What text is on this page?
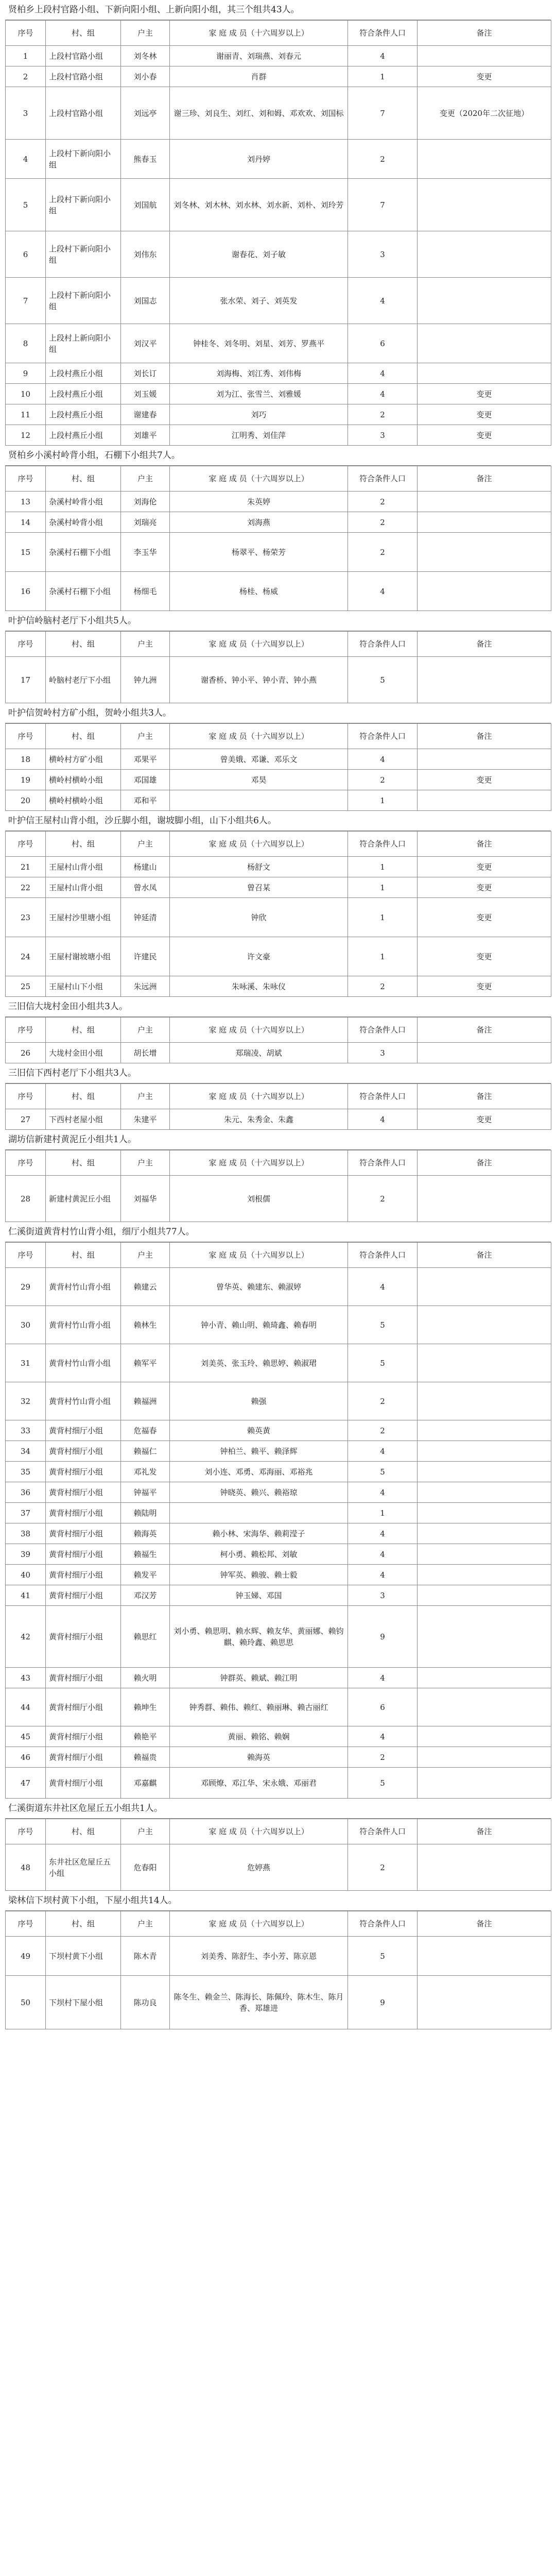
贤柏乡上段村官路小组、下新向阳小组、上新向阳小组，其三个组共43人。
序号	村、组	户主	家 庭 成 员（十六周岁以上）	符合条件人口	备注
1	上段村官路小组	刘冬林	谢丽青、刘瑞燕、刘春元	4	
2	上段村官路小组	刘小春	肖群	1	变更
3	上段村官路小组	刘远亭	谢三珍、刘良生、刘红、刘和姆、邓欢欢、刘国标	7	变更（2020年二次征地）
4	上段村下新向阳小组	熊春玉	刘丹婷	2	
5	上段村下新向阳小组	刘国航	刘冬林、刘木林、刘水林、刘水新、刘朴、刘玲芳	7	
6	上段村下新向阳小组	刘伟东	谢春花、刘子敏	3	
7	上段村下新向阳小组	刘国志	张水荣、刘子、刘英发	4	
8	上段村上新向阳小组	刘汉平	钟桂冬、刘冬明、刘星、刘芳、罗燕平	6	
9	上段村燕丘小组	刘长订	刘海梅、刘江秀、刘伟梅	4	
10	上段村燕丘小组	刘玉媛	刘为江、张雪兰、刘雅媛	4	变更
11	上段村燕丘小组	谢建春	刘巧	2	变更
12	上段村燕丘小组	刘雄平	江明秀、刘佳萍	3	变更
贤柏乡小溪村岭背小组，石棚下小组共7人。
序号	村、组	户主	家 庭 成 员（十六周岁以上）	符合条件人口	备注
13	杂溪村岭背小组	刘海伦	朱英婷	2	
14	杂溪村岭背小组	刘瑞亮	刘海燕	2	
15	杂溪村石棚下小组	李玉华	杨翠平、杨荣芳	2	
16	杂溪村石棚下小组	杨细毛	杨桂、杨威	4	
叶护信岭脑村老厅下小组共5人。
序号	村、组	户主	家 庭 成 员（十六周岁以上）	符合条件人口	备注
17	岭脑村老厅下小组	钟九洲	谢香桥、钟小平、钟小青、钟小燕	5	
叶护信贺岭村方矿小组，贺岭小组共3人。
序号	村、组	户主	家 庭 成 员（十六周岁以上）	符合条件人口	备注
18	横岭村方矿小组	邓果平	曾美娥、邓谦、邓乐文	4	
19	横岭村横岭小组	邓国雄	邓昊	2	变更
20	横岭村横岭小组	邓和平		1	
叶护信王屋村山背小组，沙丘脚小组，谢坡脚小组，山下小组共6人。
序号	村、组	户主	家 庭 成 员（十六周岁以上）	符合条件人口	备注
21	王屋村山背小组	杨建山	杨舒文	1	变更
22	王屋村山背小组	曾水凤	曾召某	1	变更
23	王屋村沙里塘小组	钟延清	钟欣	1	变更
24	王屋村谢坡塘小组	许建民	许文豪	1	变更
25	王屋村山下小组	朱远洲	朱咏溪、朱咏仪	2	变更
三旧信大垅村金田小组共3人。
序号	村、组	户主	家 庭 成 员（十六周岁以上）	符合条件人口	备注
26	大垅村金田小组	胡长增	郑瑞凌、胡斌	3	
三旧信下西村老厅下小组共3人。
序号	村、组	户主	家 庭 成 员（十六周岁以上）	符合条件人口	备注
27	下西村老屋小组	朱建平	朱元、朱秀金、朱鑫	4	变更
湖坊信新建村黄泥丘小组共1人。
序号	村、组	户主	家 庭 成 员（十六周岁以上）	符合条件人口	备注
28	新建村黄泥丘小组	刘福华	刘根儒	2	
仁溪街道黄背村竹山背小组，细厅小组共77人。
序号	村、组	户主	家 庭 成 员（十六周岁以上）	符合条件人口	备注
29	黄背村竹山背小组	赖建云	曾华英、赖建东、赖淑婷	4	
30	黄背村竹山背小组	赖林生	钟小青、赖山明、赖琦鑫、赖春明	5	
31	黄背村竹山背小组	赖军平	刘美英、张玉玲、赖思婷、赖淑珺	5	
32	黄背村竹山背小组	赖福洲	赖强	2	
33	黄背村细厅小组	危福春	赖英黄	2	
34	黄背村细厅小组	赖福仁	钟柏兰、赖平、赖泽辉	4	
35	黄背村细厅小组	邓礼发	刘小连、邓勇、邓海丽、邓裕兆	5	
36	黄背村细厅小组	钟福平	钟晓英、赖兴、赖裕琼	4	
37	黄背村细厅小组	赖陆明		1	
38	黄背村细厅小组	赖海英	赖小林、宋海华、赖莉滢子	4	
39	黄背村细厅小组	赖福生	柯小勇、赖松邦、刘敏	4	
40	黄背村细厅小组	赖发平	钟军英、赖骏、赖士毅	4	
41	黄背村细厅小组	邓汉芳	钟玉娣、邓国	3	
42	黄背村细厅小组	赖思红	刘小勇、赖思明、赖水辉、赖友华、黄丽娜、赖钧麒、赖玲鑫、赖思思	9	
43	黄背村细厅小组	赖火明	钟群英、赖斌、赖江明	4	
44	黄背村细厅小组	赖坤生	钟秀群、赖伟、赖红、赖丽琳、赖古丽红	6	
45	黄背村细厅小组	赖艳平	黄丽、赖铭、赖娴	4	
46	黄背村细厅小组	赖福贵	赖海英	2	
47	黄背村细厅小组	邓嘉麒	邓顾燎、邓江华、宋永娥、邓丽君	5	
仁溪街道东井社区危屋丘五小组共1人。
序号	村、组	户主	家 庭 成 员（十六周岁以上）	符合条件人口	备注
48	东井社区危屋丘五小组	危春阳	危婷燕	2	
梁林信下坝村黄下小组，下屋小组共14人。
序号	村、组	户主	家 庭 成 员（十六周岁以上）	符合条件人口	备注
49	下坝村黄下小组	陈木青	刘美秀、陈舒生、李小芳、陈京恩	5	
50	下坝村下屋小组	陈功良	陈冬生、赖金兰、陈海长、陈佩玲、陈木生、陈月香、郑雄进	9	
